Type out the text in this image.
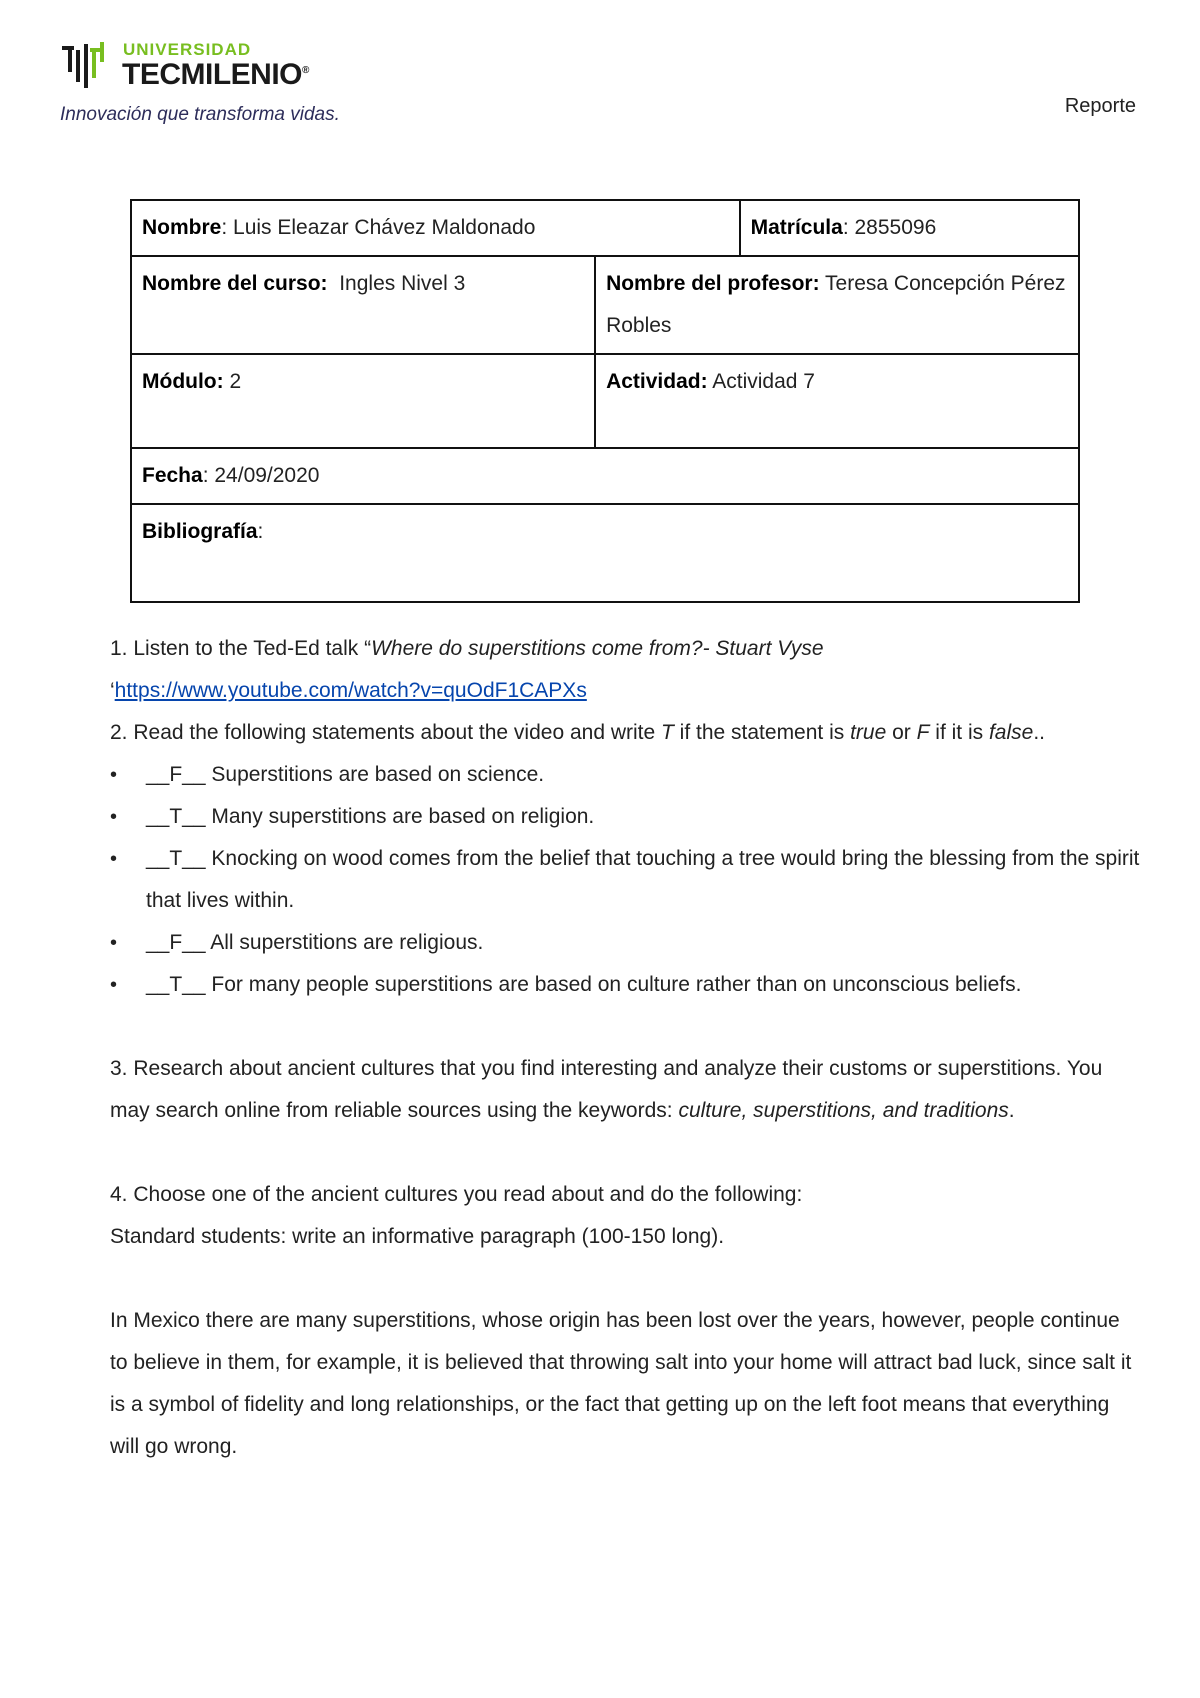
UNIVERSIDAD
TECMILENIO®
Innovación que transforma vidas.	Reporte
Nombre: Luis Eleazar Chávez Maldonado		Matrícula: 2855096
Nombre del curso:  Ingles Nivel 3	Nombre del profesor: Teresa Concepción Pérez Robles	
Módulo: 2	Actividad: Actividad 7	
Fecha: 24/09/2020		
Bibliografía:		

1. Listen to the Ted-Ed talk “Where do superstitions come from?- Stuart Vyse

‘https://www.youtube.com/watch?v=quOdF1CAPXs

2. Read the following statements about the video and write T if the statement is true or F if it is false..

• __F__ Superstitions are based on science.
• __T__ Many superstitions are based on religion.
• __T__ Knocking on wood comes from the belief that touching a tree would bring the blessing from the spirit that lives within.
• __F__ All superstitions are religious.
• __T__ For many people superstitions are based on culture rather than on unconscious beliefs.

3. Research about ancient cultures that you find interesting and analyze their customs or superstitions. You may search online from reliable sources using the keywords: culture, superstitions, and traditions.

4. Choose one of the ancient cultures you read about and do the following:

Standard students: write an informative paragraph (100-150 long).

In Mexico there are many superstitions, whose origin has been lost over the years, however, people continue to believe in them, for example, it is believed that throwing salt into your home will attract bad luck, since salt it is a symbol of fidelity and long relationships, or the fact that getting up on the left foot means that everything will go wrong.
